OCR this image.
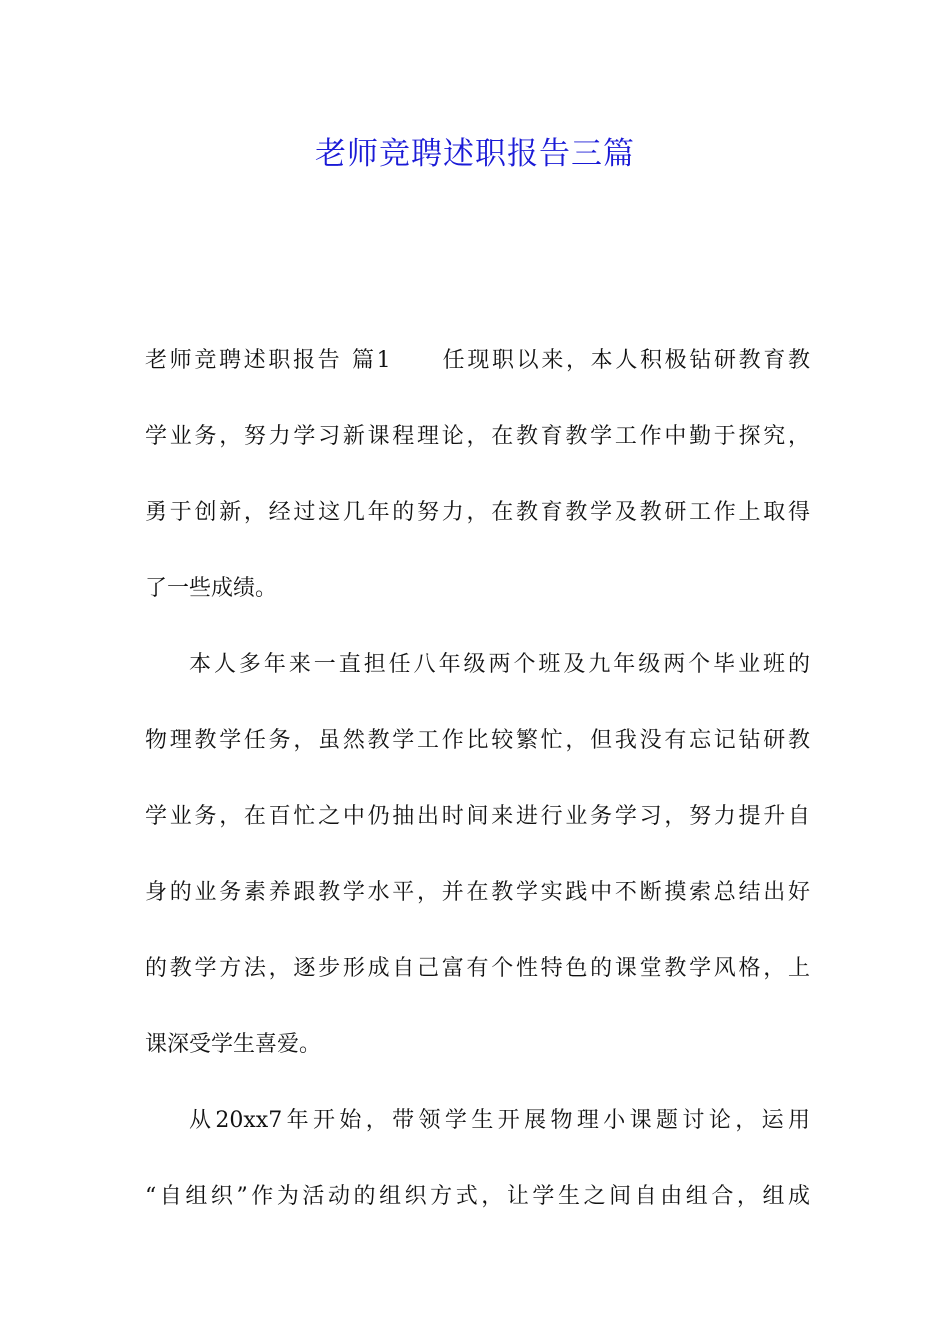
老师竞聘述职报告三篇
老师竞聘述职报告 篇1　　任现职以来，本人积极钻研教育教
学业务，努力学习新课程理论，在教育教学工作中勤于探究，
勇于创新，经过这几年的努力，在教育教学及教研工作上取得
了一些成绩。
本人多年来一直担任八年级两个班及九年级两个毕业班的
物理教学任务，虽然教学工作比较繁忙，但我没有忘记钻研教
学业务，在百忙之中仍抽出时间来进行业务学习，努力提升自
身的业务素养跟教学水平，并在教学实践中不断摸索总结出好
的教学方法，逐步形成自己富有个性特色的课堂教学风格，上
课深受学生喜爱。
从20xx7年开始，带领学生开展物理小课题讨论，运用
“自组织”作为活动的组织方式，让学生之间自由组合，组成
